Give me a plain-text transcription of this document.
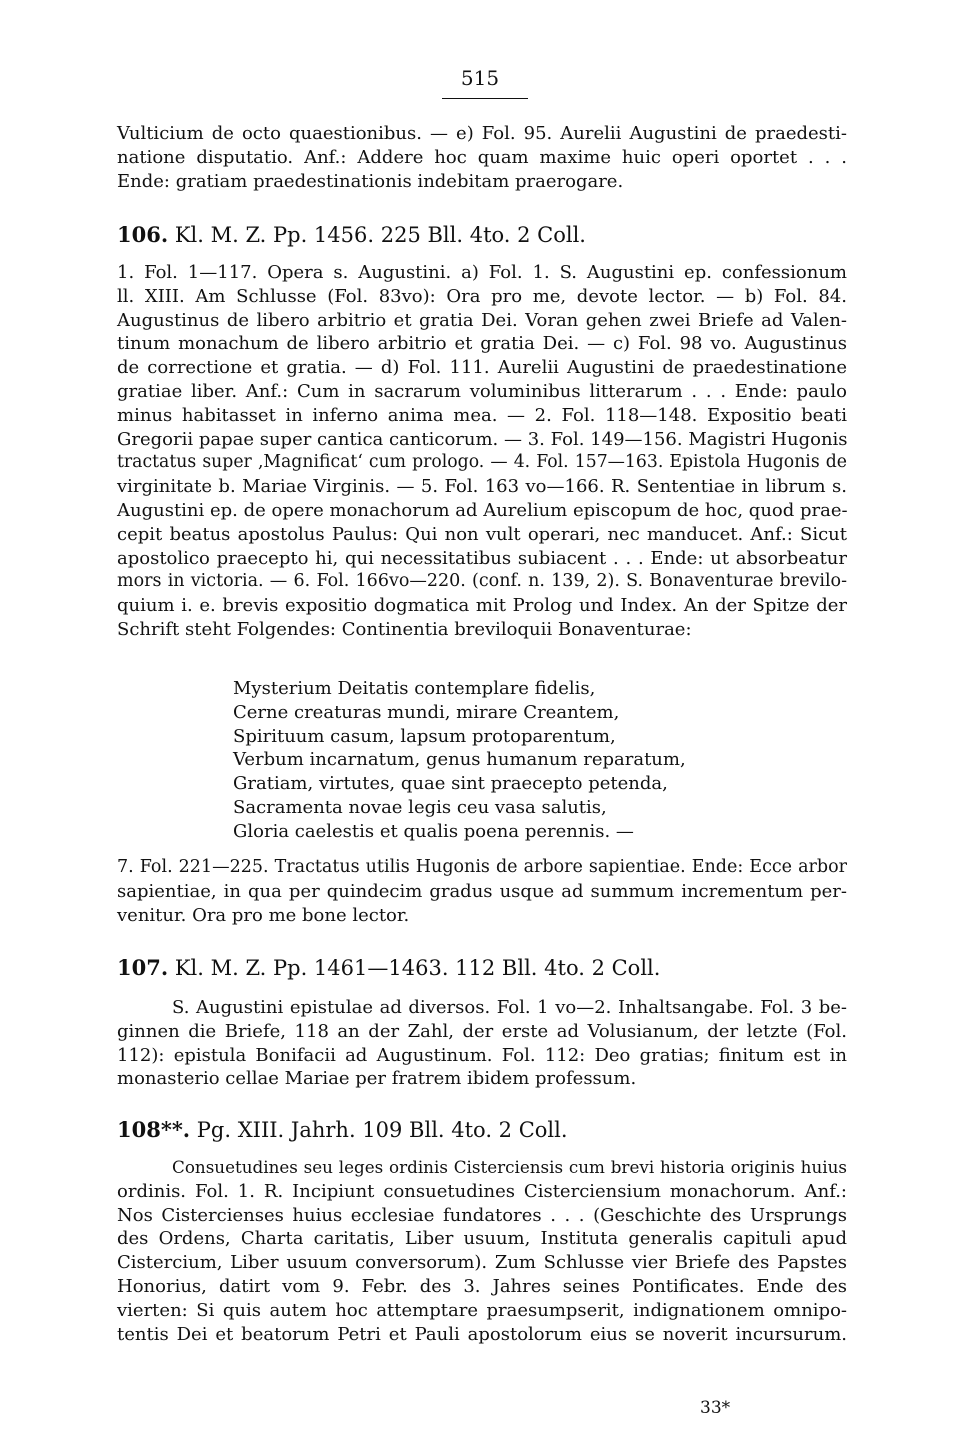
515
Vulticium de octo quaestionibus. — e) Fol. 95. Aurelii Augustini de praedesti-
natione disputatio. Anf.: Addere hoc quam maxime huic operi oportet . . .
Ende: gratiam praedestinationis indebitam praerogare.
106. Kl. M. Z. Pp. 1456. 225 Bll. 4to. 2 Coll.
1. Fol. 1—117. Opera s. Augustini. a) Fol. 1. S. Augustini ep. confessionum
ll. XIII. Am Schlusse (Fol. 83vo): Ora pro me, devote lector. — b) Fol. 84.
Augustinus de libero arbitrio et gratia Dei. Voran gehen zwei Briefe ad Valen-
tinum monachum de libero arbitrio et gratia Dei. — c) Fol. 98 vo. Augustinus
de correctione et gratia. — d) Fol. 111. Aurelii Augustini de praedestinatione
gratiae liber. Anf.: Cum in sacrarum voluminibus litterarum . . . Ende: paulo
minus habitasset in inferno anima mea. — 2. Fol. 118—148. Expositio beati
Gregorii papae super cantica canticorum. — 3. Fol. 149—156. Magistri Hugonis
tractatus super ‚Magnificat‘ cum prologo. — 4. Fol. 157—163. Epistola Hugonis de
virginitate b. Mariae Virginis. — 5. Fol. 163 vo—166. R. Sententiae in librum s.
Augustini ep. de opere monachorum ad Aurelium episcopum de hoc, quod prae-
cepit beatus apostolus Paulus: Qui non vult operari, nec manducet. Anf.: Sicut
apostolico praecepto hi, qui necessitatibus subiacent . . . Ende: ut absorbeatur
mors in victoria. — 6. Fol. 166vo—220. (conf. n. 139, 2). S. Bonaventurae brevilo-
quium i. e. brevis expositio dogmatica mit Prolog und Index. An der Spitze der
Schrift steht Folgendes: Continentia breviloquii Bonaventurae:
Mysterium Deitatis contemplare fidelis,
Cerne creaturas mundi, mirare Creantem,
Spirituum casum, lapsum protoparentum,
Verbum incarnatum, genus humanum reparatum,
Gratiam, virtutes, quae sint praecepto petenda,
Sacramenta novae legis ceu vasa salutis,
Gloria caelestis et qualis poena perennis. —
7. Fol. 221—225. Tractatus utilis Hugonis de arbore sapientiae. Ende: Ecce arbor
sapientiae, in qua per quindecim gradus usque ad summum incrementum per-
venitur. Ora pro me bone lector.
107. Kl. M. Z. Pp. 1461—1463. 112 Bll. 4to. 2 Coll.
S. Augustini epistulae ad diversos. Fol. 1 vo—2. Inhaltsangabe. Fol. 3 be-
ginnen die Briefe, 118 an der Zahl, der erste ad Volusianum, der letzte (Fol.
112): epistula Bonifacii ad Augustinum. Fol. 112: Deo gratias; finitum est in
monasterio cellae Mariae per fratrem ibidem professum.
108**. Pg. XIII. Jahrh. 109 Bll. 4to. 2 Coll.
Consuetudines seu leges ordinis Cisterciensis cum brevi historia originis huius
ordinis. Fol. 1. R. Incipiunt consuetudines Cisterciensium monachorum. Anf.:
Nos Cistercienses huius ecclesiae fundatores . . . (Geschichte des Ursprungs
des Ordens, Charta caritatis, Liber usuum, Instituta generalis capituli apud
Cistercium, Liber usuum conversorum). Zum Schlusse vier Briefe des Papstes
Honorius, datirt vom 9. Febr. des 3. Jahres seines Pontificates. Ende des
vierten: Si quis autem hoc attemptare praesumpserit, indignationem omnipo-
tentis Dei et beatorum Petri et Pauli apostolorum eius se noverit incursurum.
33*
